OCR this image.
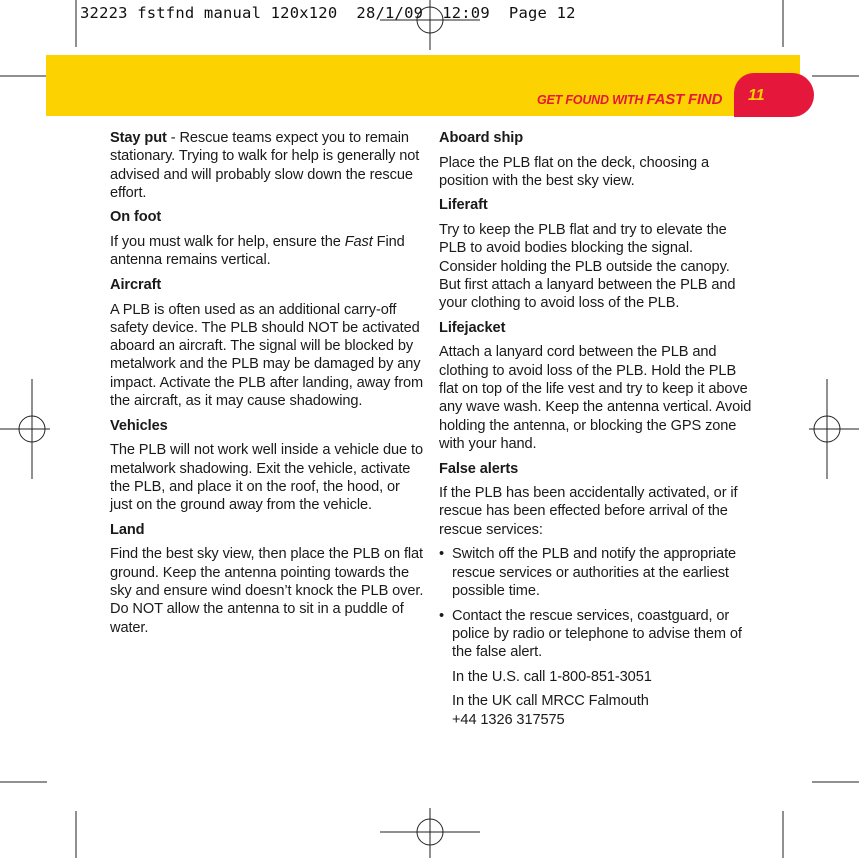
32223 fstfnd manual 120x120  28/1/09  12:09  Page 12
11
GET FOUND WITH FAST FIND

Stay put - Rescue teams expect you to remain stationary. Trying to walk for help is generally not advised and will probably slow down the rescue effort.

On foot

If you must walk for help, ensure the Fast Find antenna remains vertical.

Aircraft

A PLB is often used as an additional carry-off safety device. The PLB should NOT be activated aboard an aircraft. The signal will be blocked by metalwork and the PLB may be damaged by any impact. Activate the PLB after landing, away from the aircraft, as it may cause shadowing.

Vehicles

The PLB will not work well inside a vehicle due to metalwork shadowing. Exit the vehicle, activate the PLB, and place it on the roof, the hood, or just on the ground away from the vehicle.

Land

Find the best sky view, then place the PLB on flat ground. Keep the antenna pointing towards the sky and ensure wind doesn’t knock the PLB over. Do NOT allow the antenna to sit in a puddle of water.

Aboard ship

Place the PLB flat on the deck, choosing a position with the best sky view.

Liferaft

Try to keep the PLB flat and try to elevate the PLB to avoid bodies blocking the signal. Consider holding the PLB outside the canopy. But first attach a lanyard between the PLB and your clothing to avoid loss of the PLB.

Lifejacket

Attach a lanyard cord between the PLB and clothing to avoid loss of the PLB. Hold the PLB flat on top of the life vest and try to keep it above any wave wash. Keep the antenna vertical. Avoid holding the antenna, or blocking the GPS zone with your hand.

False alerts

If the PLB has been accidentally activated, or if rescue has been effected before arrival of the rescue services:

• Switch off the PLB and notify the appropriate rescue services or authorities at the earliest possible time.
• Contact the rescue services, coastguard, or police by radio or telephone to advise them of the false alert.

In the U.S. call 1-800-851-3051

In the UK call MRCC Falmouth
+44 1326 317575
